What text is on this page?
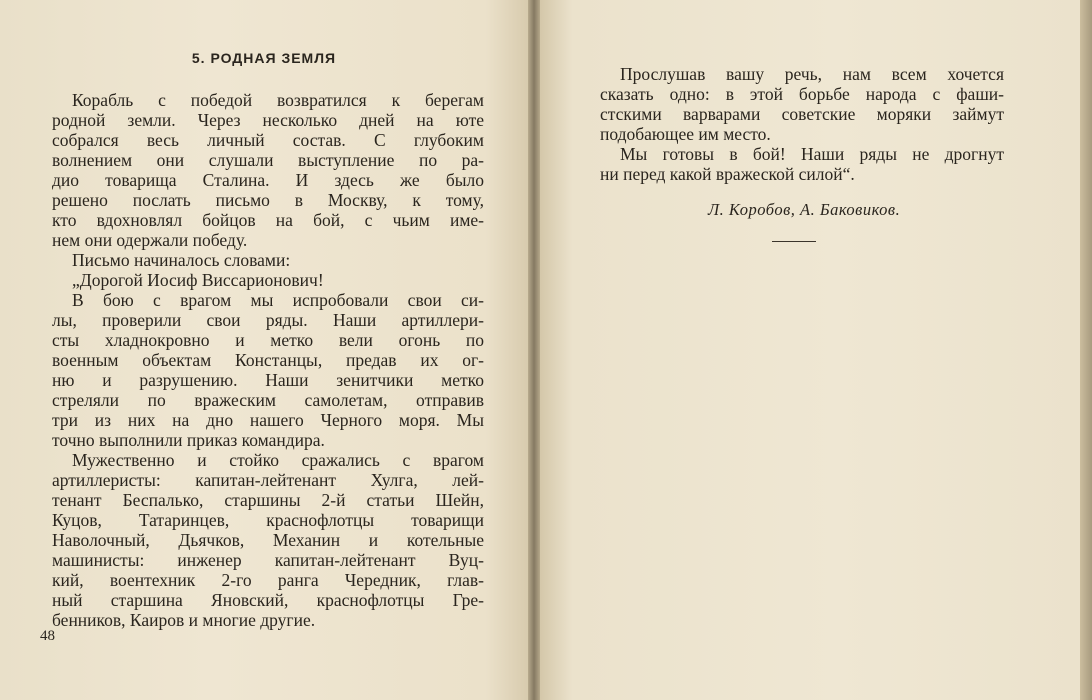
5. РОДНАЯ ЗЕМЛЯ
Корабль с победой возвратился к берегам
родной земли. Через несколько дней на юте
собрался весь личный состав. С глубоким
волнением они слушали выступление по ра-
дио товарища Сталина. И здесь же было
решено послать письмо в Москву, к тому,
кто вдохновлял бойцов на бой, с чьим име-
нем они одержали победу.
Письмо начиналось словами:
„Дорогой Иосиф Виссарионович!
В бою с врагом мы испробовали свои си-
лы, проверили свои ряды. Наши артиллери-
сты хладнокровно и метко вели огонь по
военным объектам Констанцы, предав их ог-
ню и разрушению. Наши зенитчики метко
стреляли по вражеским самолетам, отправив
три из них на дно нашего Черного моря. Мы
точно выполнили приказ командира.
Мужественно и стойко сражались с врагом
артиллеристы: капитан-лейтенант Хулга, лей-
тенант Беспалько, старшины 2-й статьи Шейн,
Куцов, Татаринцев, краснофлотцы товарищи
Наволочный, Дьячков, Механин и котельные
машинисты: инженер капитан-лейтенант Вуц-
кий, воентехник 2-го ранга Чередник, глав-
ный старшина Яновский, краснофлотцы Гре-
бенников, Каиров и многие другие.

48

Прослушав вашу речь, нам всем хочется
сказать одно: в этой борьбе народа с фаши-
стскими варварами советские моряки займут
подобающее им место.
Мы готовы в бой! Наши ряды не дрогнут
ни перед какой вражеской силой“.

Л. Коробов, А. Баковиков.
